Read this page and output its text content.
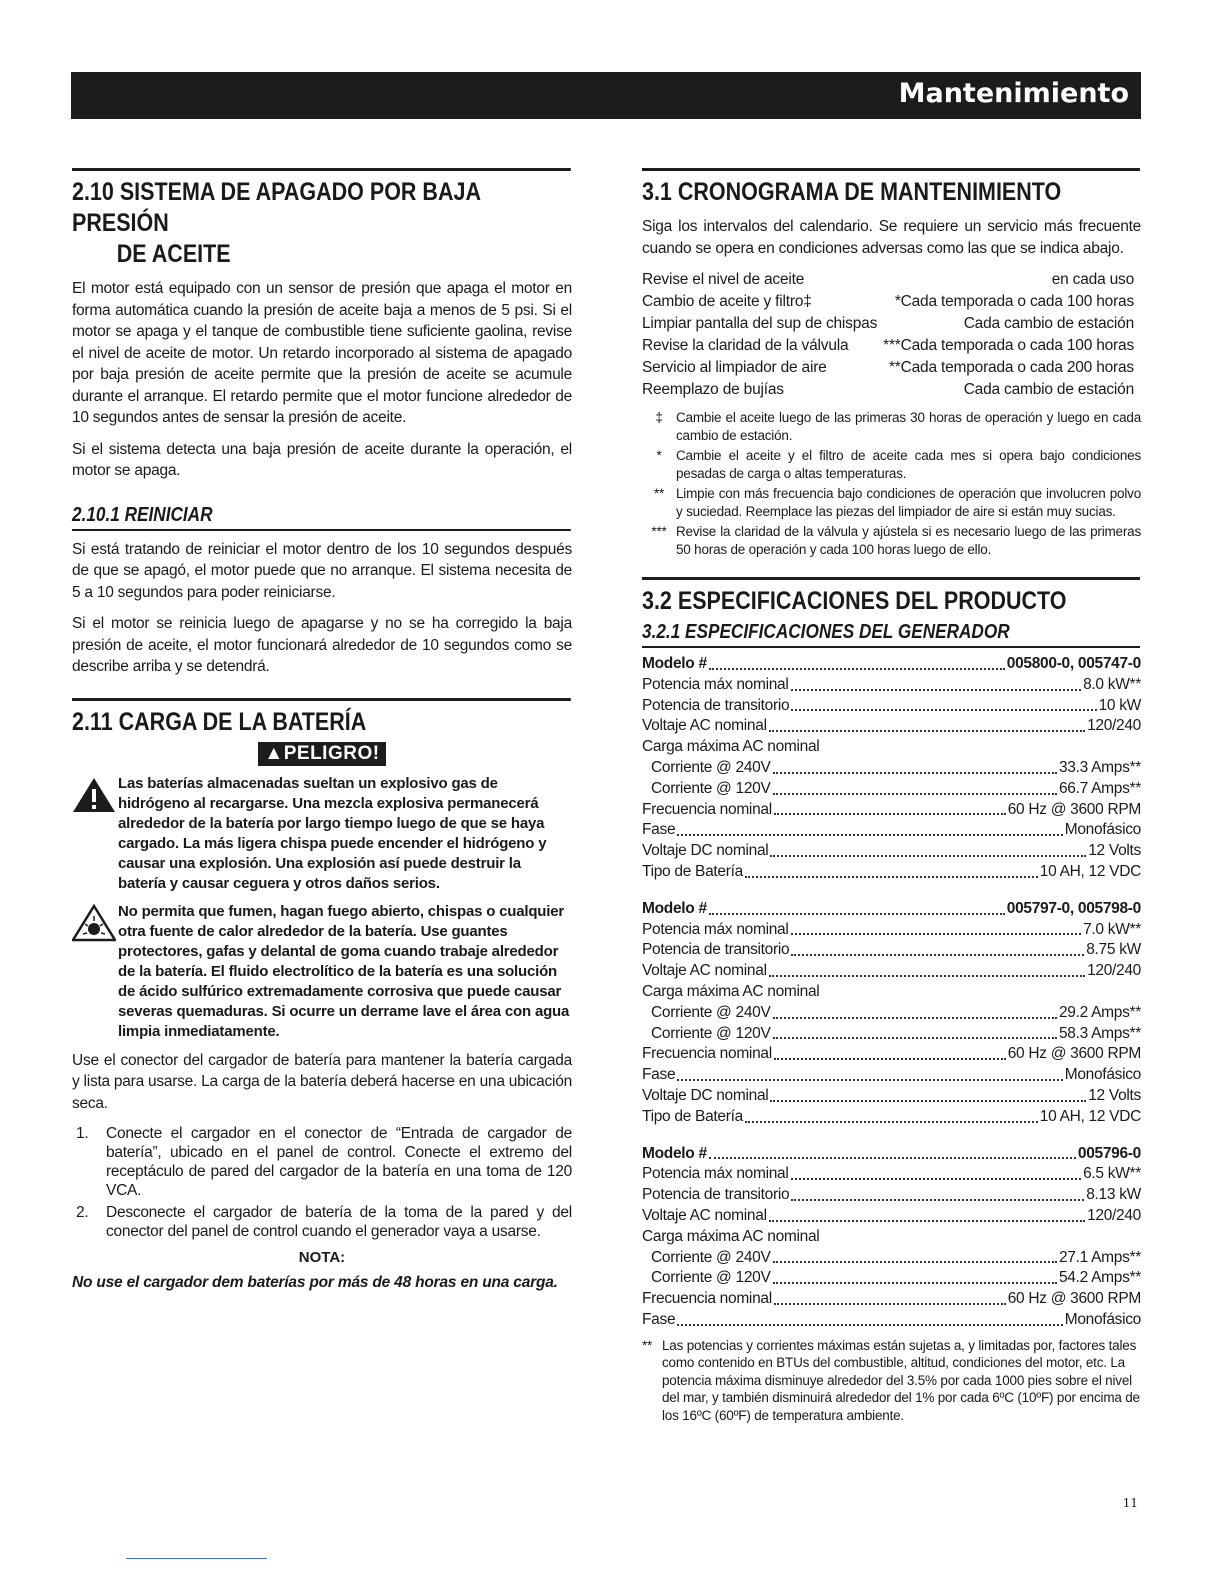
Mantenimiento
2.10 SISTEMA DE APAGADO POR BAJA PRESIÓN
DE ACEITE

El motor está equipado con un sensor de presión que apaga el motor en forma automática cuando la presión de aceite baja a menos de 5 psi. Si el motor se apaga y el tanque de combustible tiene suficiente gaolina, revise el nivel de aceite de motor. Un retardo incorporado al sistema de apagado por baja presión de aceite permite que la presión de aceite se acumule durante el arranque. El retardo permite que el motor funcione alrededor de 10 segundos antes de sensar la presión de aceite.

Si el sistema detecta una baja presión de aceite durante la operación, el motor se apaga.

2.10.1 REINICIAR

Si está tratando de reiniciar el motor dentro de los 10 segundos después de que se apagó, el motor puede que no arranque. El sistema necesita de 5 a 10 segundos para poder reiniciarse.

Si el motor se reinicia luego de apagarse y no se ha corregido la baja presión de aceite, el motor funcionará alrededor de 10 segundos como se describe arriba y se detendrá.

2.11 CARGA DE LA BATERÍA
▲PELIGRO!
Las baterías almacenadas sueltan un explosivo gas de hidrógeno al recargarse. Una mezcla explosiva permanecerá alrededor de la batería por largo tiempo luego de que se haya cargado. La más ligera chispa puede encender el hidrógeno y causar una explosión. Una explosión así puede destruir la batería y causar ceguera y otros daños serios.
No permita que fumen, hagan fuego abierto, chispas o cualquier otra fuente de calor alrededor de la batería. Use guantes protectores, gafas y delantal de goma cuando trabaje alrededor de la batería. El fluido electrolítico de la batería es una solución de ácido sulfúrico extremadamente corrosiva que puede causar severas quemaduras. Si ocurre un derrame lave el área con agua limpia inmediatamente.

Use el conector del cargador de batería para mantener la batería cargada y lista para usarse. La carga de la batería deberá hacerse en una ubicación seca.

1. Conecte el cargador en el conector de “Entrada de cargador de batería”, ubicado en el panel de control. Conecte el extremo del receptáculo de pared del cargador de la batería en una toma de 120 VCA.
2. Desconecte el cargador de batería de la toma de la pared y del conector del panel de control cuando el generador vaya a usarse.
NOTA:
No use el cargador dem baterías por más de 48 horas en una carga.
3.1 CRONOGRAMA DE MANTENIMIENTO

Siga los intervalos del calendario. Se requiere un servicio más frecuente cuando se opera en condiciones adversas como las que se indica abajo.

Revise el nivel de aceite	en cada uso
Cambio de aceite y filtro‡	*Cada temporada o cada 100 horas
Limpiar pantalla del sup de chispas	Cada cambio de estación
Revise la claridad de la válvula ***Cada temporada o cada 100 horas
Servicio al limpiador de aire	**Cada temporada o cada 200 horas
Reemplazo de bujías	Cada cambio de estación
‡ Cambie el aceite luego de las primeras 30 horas de operación y luego en cada cambio de estación.
*	Cambie el aceite y el filtro de aceite cada mes si opera bajo condiciones pesadas de carga o altas temperaturas.
** Limpie con más frecuencia bajo condiciones de operación que involucren polvo y suciedad. Reemplace las piezas del limpiador de aire si están muy sucias.
*** Revise la claridad de la válvula y ajústela si es necesario luego de las primeras 50 horas de operación y cada 100 horas luego de ello.
3.2 ESPECIFICACIONES DEL PRODUCTO
3.2.1 ESPECIFICACIONES DEL GENERADOR
Modelo #	005800-0, 005747-0
Potencia máx nominal	8.0 kW**
Potencia de transitorio	10 kW
Voltaje AC nominal	120/240
Carga máxima AC nominal
Corriente @ 240V	33.3 Amps**
Corriente @ 120V	66.7 Amps**
Frecuencia nominal	60 Hz @ 3600 RPM
Fase	Monofásico
Voltaje DC nominal	12 Volts
Tipo de Batería	10 AH, 12 VDC
Modelo #	005797-0, 005798-0
Potencia máx nominal	7.0 kW**
Potencia de transitorio	8.75 kW
Voltaje AC nominal	120/240
Carga máxima AC nominal
Corriente @ 240V	29.2 Amps**
Corriente @ 120V	58.3 Amps**
Frecuencia nominal	60 Hz @ 3600 RPM
Fase	Monofásico
Voltaje DC nominal	12 Volts
Tipo de Batería	10 AH, 12 VDC
Modelo #	005796-0
Potencia máx nominal	6.5 kW**
Potencia de transitorio	8.13 kW
Voltaje AC nominal	120/240
Carga máxima AC nominal
Corriente @ 240V	27.1 Amps**
Corriente @ 120V	54.2 Amps**
Frecuencia nominal	60 Hz @ 3600 RPM
Fase	Monofásico
** Las potencias y corrientes máximas están sujetas a, y limitadas por, factores tales como contenido en BTUs del combustible, altitud, condiciones del motor, etc. La potencia máxima disminuye alrededor del 3.5% por cada 1000 pies sobre el nivel del mar, y también disminuirá alrededor del 1% por cada 6ºC (10ºF) por encima de los 16ºC (60ºF) de temperatura ambiente.
11
